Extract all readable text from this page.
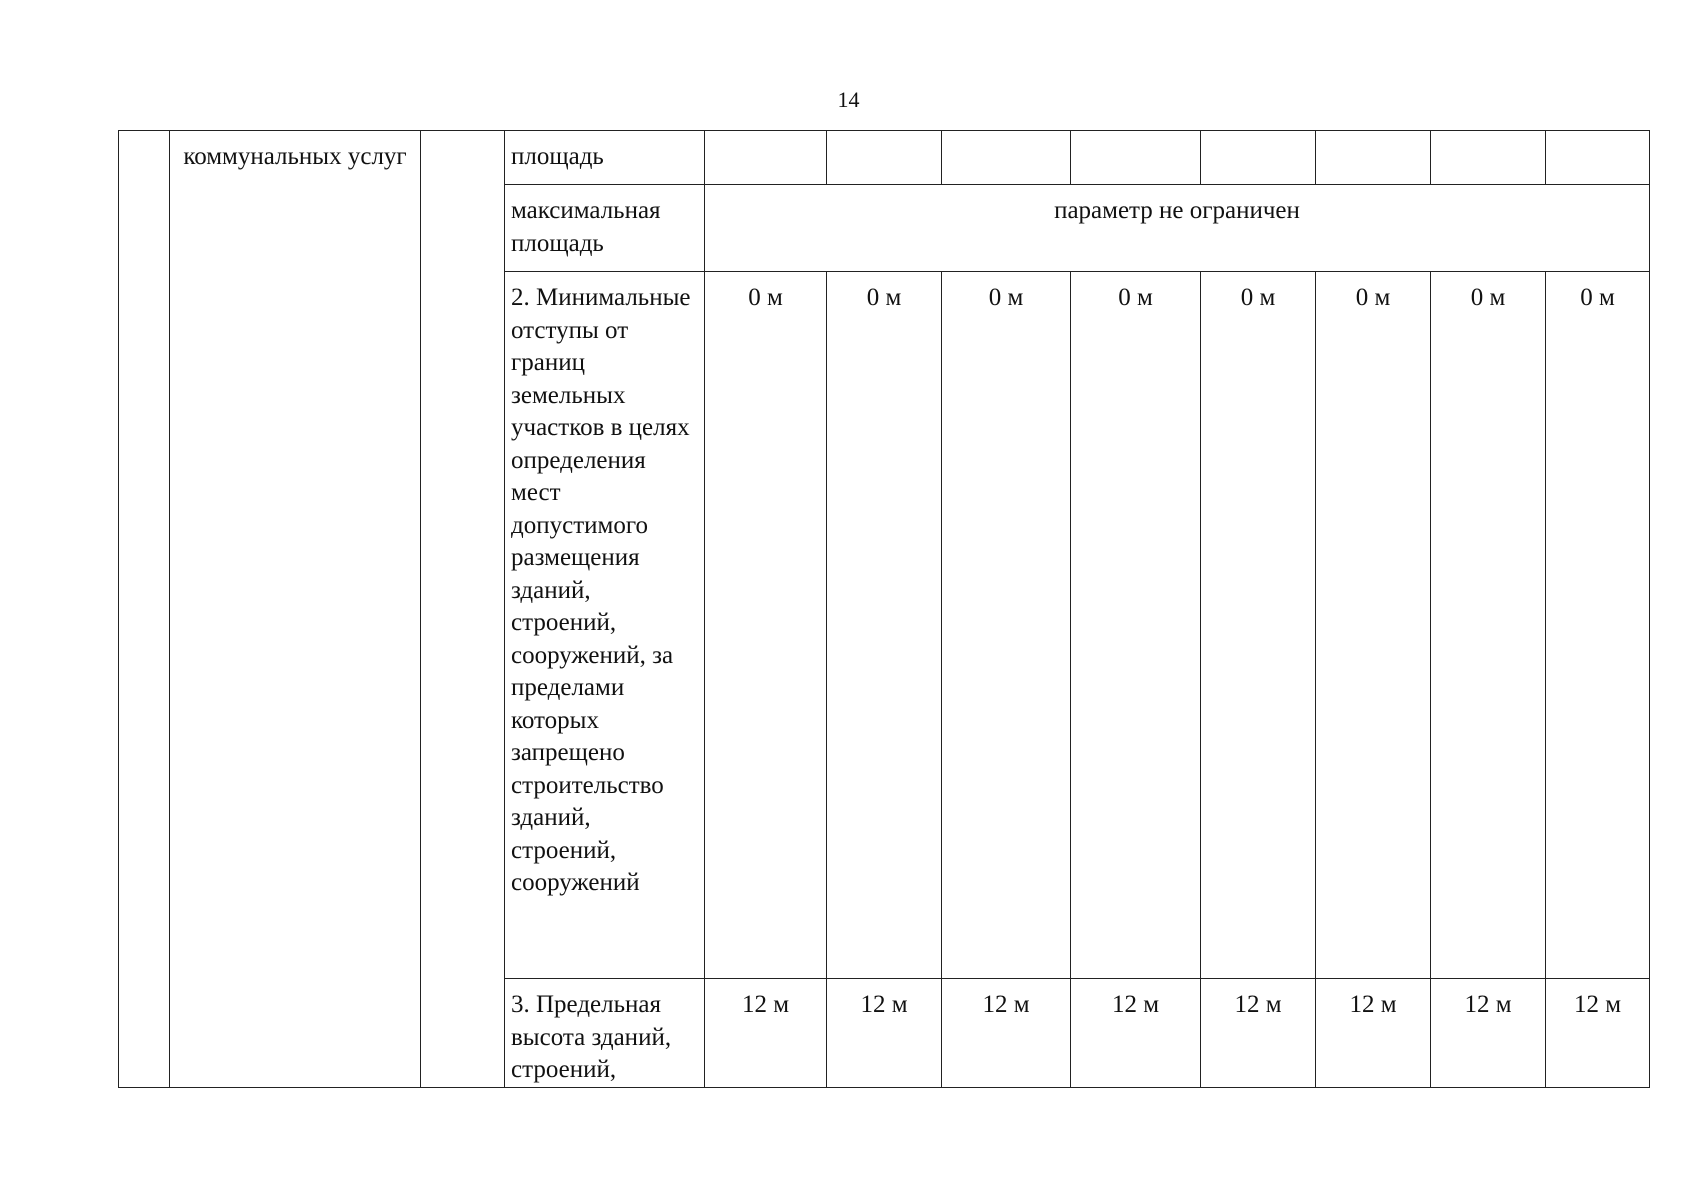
14

	коммунальных услуг		площадь								

			максимальная площадь	параметр не ограничен							

			2. Минимальные отступы от границ земельных участков в целях определения мест допустимого размещения зданий, строений, сооружений, за пределами которых запрещено строительство зданий, строений, сооружений	0 м	0 м	0 м	0 м	0 м	0 м	0 м	0 м

			3. Предельная высота зданий, строений,	12 м	12 м	12 м	12 м	12 м	12 м	12 м	12 м
